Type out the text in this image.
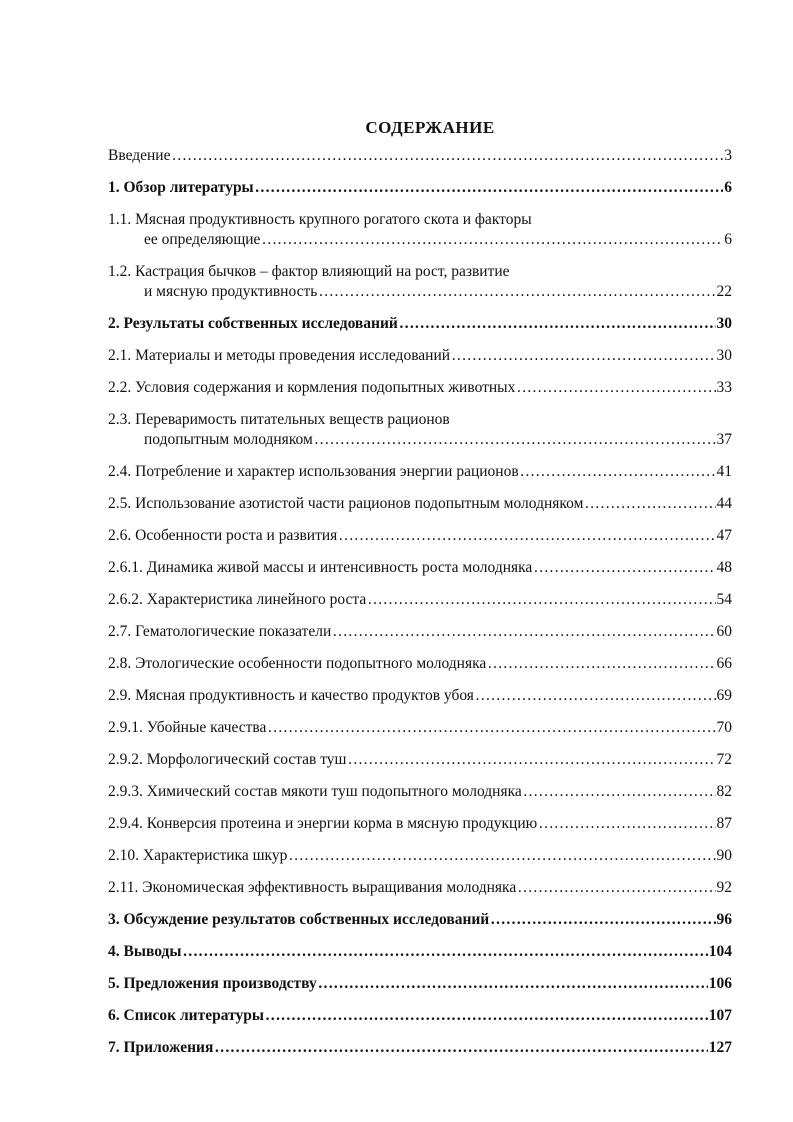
СОДЕРЖАНИЕ
Введение ……………………………………………………………………………………………………………………………………………………………………………………………………	3
1. Обзор литературы ……………………………………………………………………………………………………………………………………………………………………………………………………	6
1.1. Мясная продуктивность крупного рогатого скота и факторы
ее определяющие ……………………………………………………………………………………………………………………………………………………………………………………………………	6
1.2. Кастрация бычков – фактор влияющий на рост, развитие
и мясную продуктивность ……………………………………………………………………………………………………………………………………………………………………………………………………	22
2. Результаты собственных исследований ……………………………………………………………………………………………………………………………………………………………………………………………………	30
2.1. Материалы и методы проведения исследований ……………………………………………………………………………………………………………………………………………………………………………………………………	30
2.2. Условия содержания и кормления подопытных животных ……………………………………………………………………………………………………………………………………………………………………………………………………	33
2.3. Переваримость питательных веществ рационов
подопытным молодняком ……………………………………………………………………………………………………………………………………………………………………………………………………	37
2.4. Потребление и характер использования энергии рационов ……………………………………………………………………………………………………………………………………………………………………………………………………	41
2.5. Использование азотистой части рационов подопытным молодняком ……………………………………………………………………………………………………………………………………………………………………………………………………	44
2.6. Особенности роста и развития ……………………………………………………………………………………………………………………………………………………………………………………………………	47
2.6.1. Динамика живой массы и интенсивность роста молодняка ……………………………………………………………………………………………………………………………………………………………………………………………………	48
2.6.2. Характеристика линейного роста ……………………………………………………………………………………………………………………………………………………………………………………………………	54
2.7. Гематологические показатели ……………………………………………………………………………………………………………………………………………………………………………………………………	60
2.8. Этологические особенности подопытного молодняка ……………………………………………………………………………………………………………………………………………………………………………………………………	66
2.9. Мясная продуктивность и качество продуктов убоя ……………………………………………………………………………………………………………………………………………………………………………………………………	69
2.9.1. Убойные качества ……………………………………………………………………………………………………………………………………………………………………………………………………	70
2.9.2. Морфологический состав туш ……………………………………………………………………………………………………………………………………………………………………………………………………	72
2.9.3. Химический состав мякоти туш подопытного молодняка ……………………………………………………………………………………………………………………………………………………………………………………………………	82
2.9.4. Конверсия протеина и энергии корма в мясную продукцию ……………………………………………………………………………………………………………………………………………………………………………………………………	87
2.10. Характеристика шкур ……………………………………………………………………………………………………………………………………………………………………………………………………	90
2.11. Экономическая эффективность выращивания молодняка ……………………………………………………………………………………………………………………………………………………………………………………………………	92
3. Обсуждение результатов собственных исследований ……………………………………………………………………………………………………………………………………………………………………………………………………	96
4. Выводы ……………………………………………………………………………………………………………………………………………………………………………………………………	104
5. Предложения производству ……………………………………………………………………………………………………………………………………………………………………………………………………	106
6. Список литературы ……………………………………………………………………………………………………………………………………………………………………………………………………	107
7. Приложения ……………………………………………………………………………………………………………………………………………………………………………………………………	127
